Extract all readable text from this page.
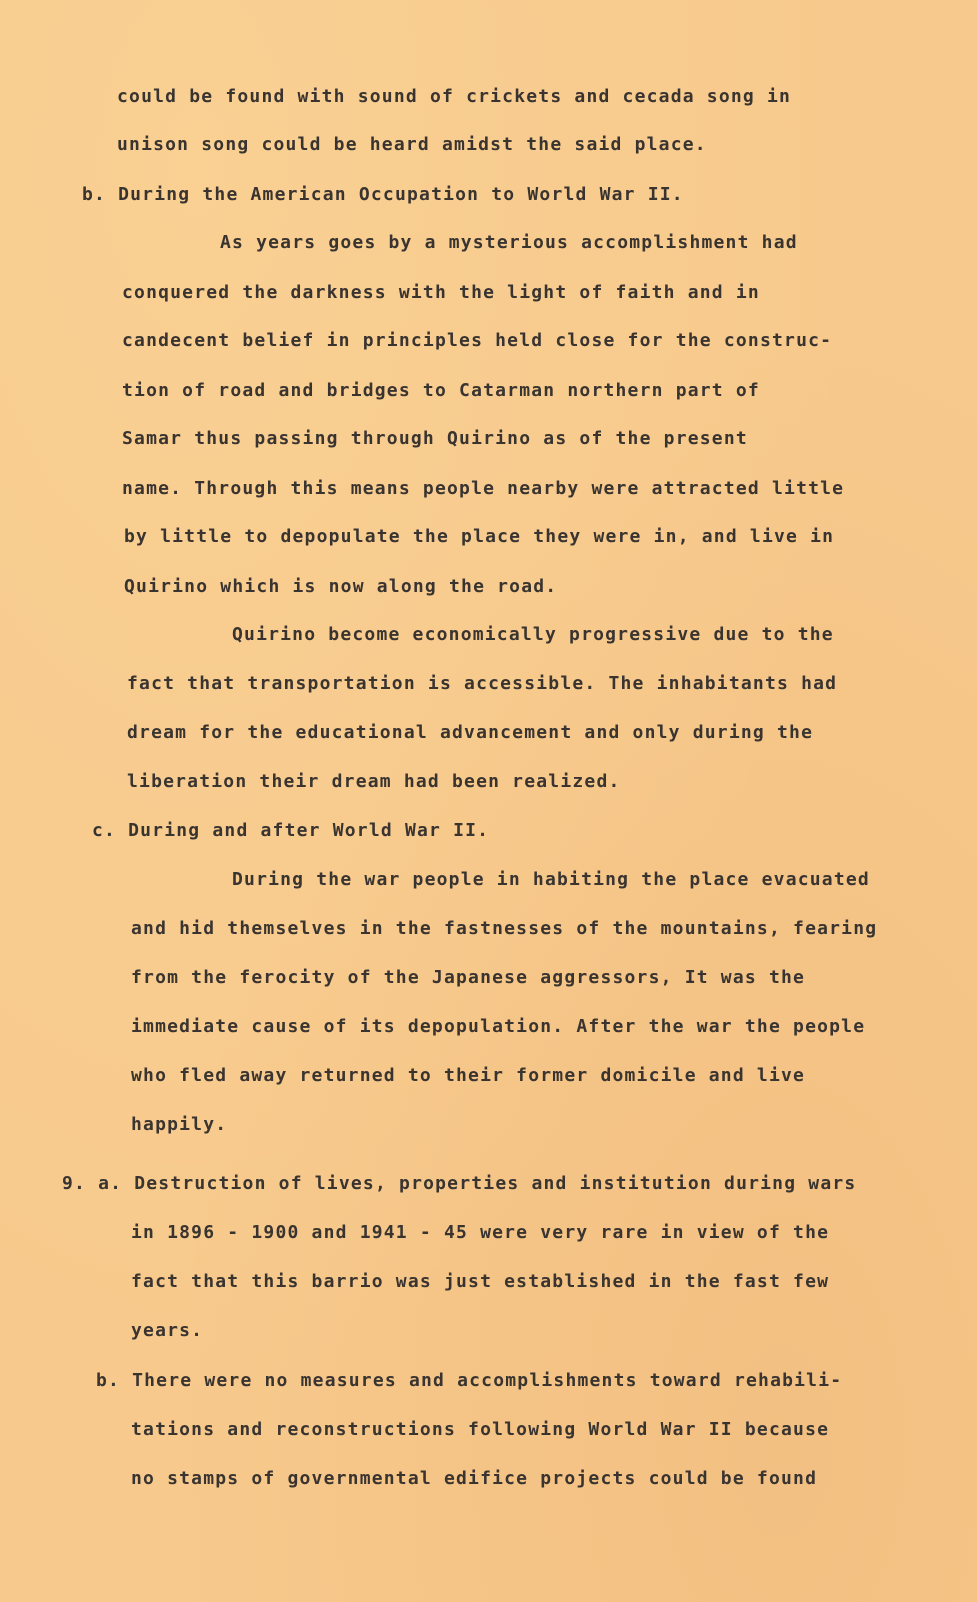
could be found with sound of crickets and cecada song in

unison song could be heard amidst the said place.

b. During the American Occupation to World War II.

As years goes by a mysterious accomplishment had

conquered the darkness with the light of faith and in

candecent belief in principles held close for the construc-

tion of road and bridges to Catarman northern part of

Samar thus passing through Quirino as of the present

name. Through this means people nearby were attracted little

by little to depopulate the place they were in, and live in

Quirino which is now along the road.

Quirino become economically progressive due to the

fact that transportation is accessible. The inhabitants had

dream for the educational advancement and only during the

liberation their dream had been realized.

c. During and after World War II.

During the war people in habiting the place evacuated

and hid themselves in the fastnesses of the mountains, fearing

from the ferocity of the Japanese aggressors, It was the

immediate cause of its depopulation. After the war the people

who fled away returned to their former domicile and live

happily.

9. a. Destruction of lives, properties and institution during wars

in 1896 - 1900 and 1941 - 45 were very rare in view of the

fact that this barrio was just established in the fast few

years.

b. There were no measures and accomplishments toward rehabili-

tations and reconstructions following World War II because

no stamps of governmental edifice projects could be found
